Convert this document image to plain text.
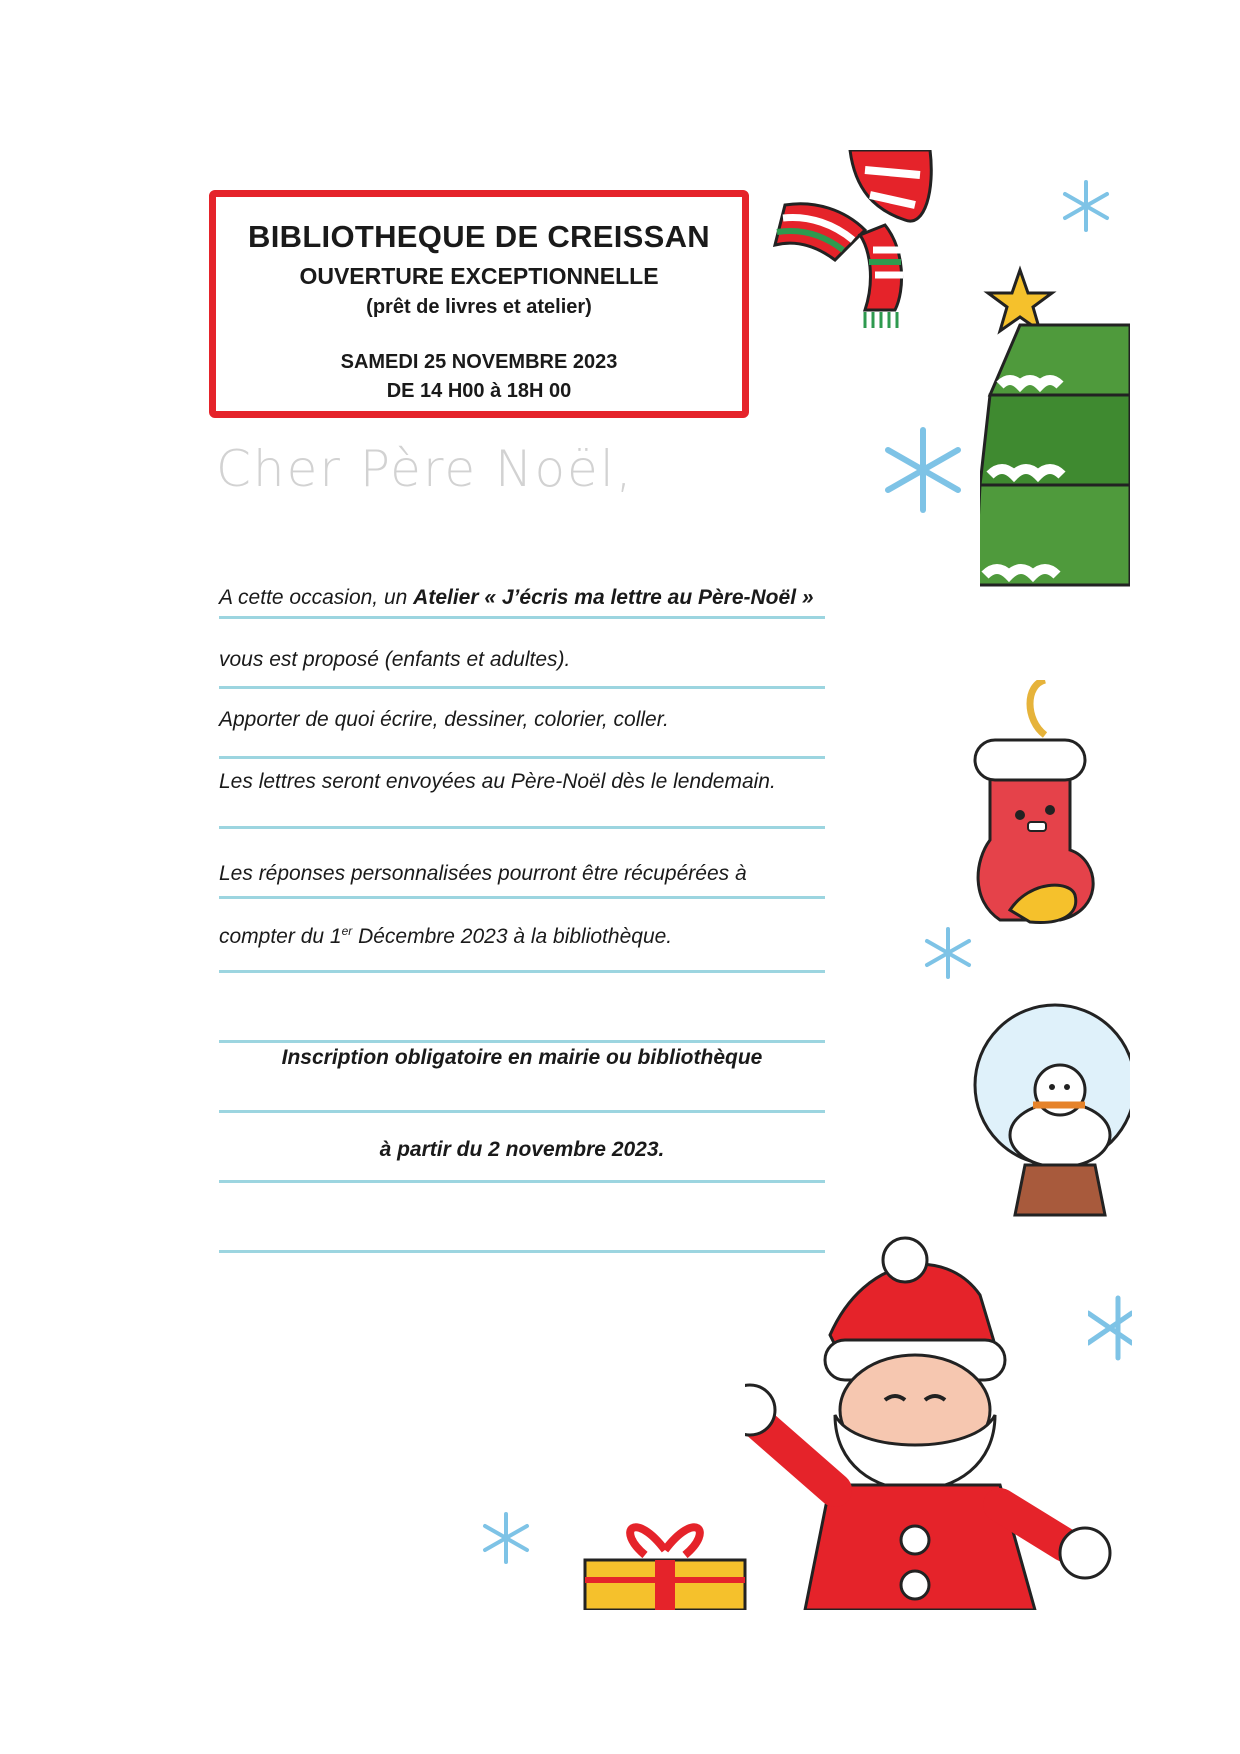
BIBLIOTHEQUE DE CREISSAN
OUVERTURE EXCEPTIONNELLE
(prêt de livres et atelier)
SAMEDI 25 NOVEMBRE 2023
DE 14 H00 à 18H 00
Cher Père Noël,
A cette occasion, un Atelier « J’écris ma lettre au Père-Noël »
vous est proposé (enfants et adultes).
Apporter de quoi écrire, dessiner, colorier, coller.
Les lettres seront envoyées au Père-Noël dès le lendemain.
Les réponses personnalisées pourront être récupérées à
compter du 1er Décembre 2023 à la bibliothèque.
Inscription obligatoire en mairie ou bibliothèque
à partir du 2 novembre 2023.
